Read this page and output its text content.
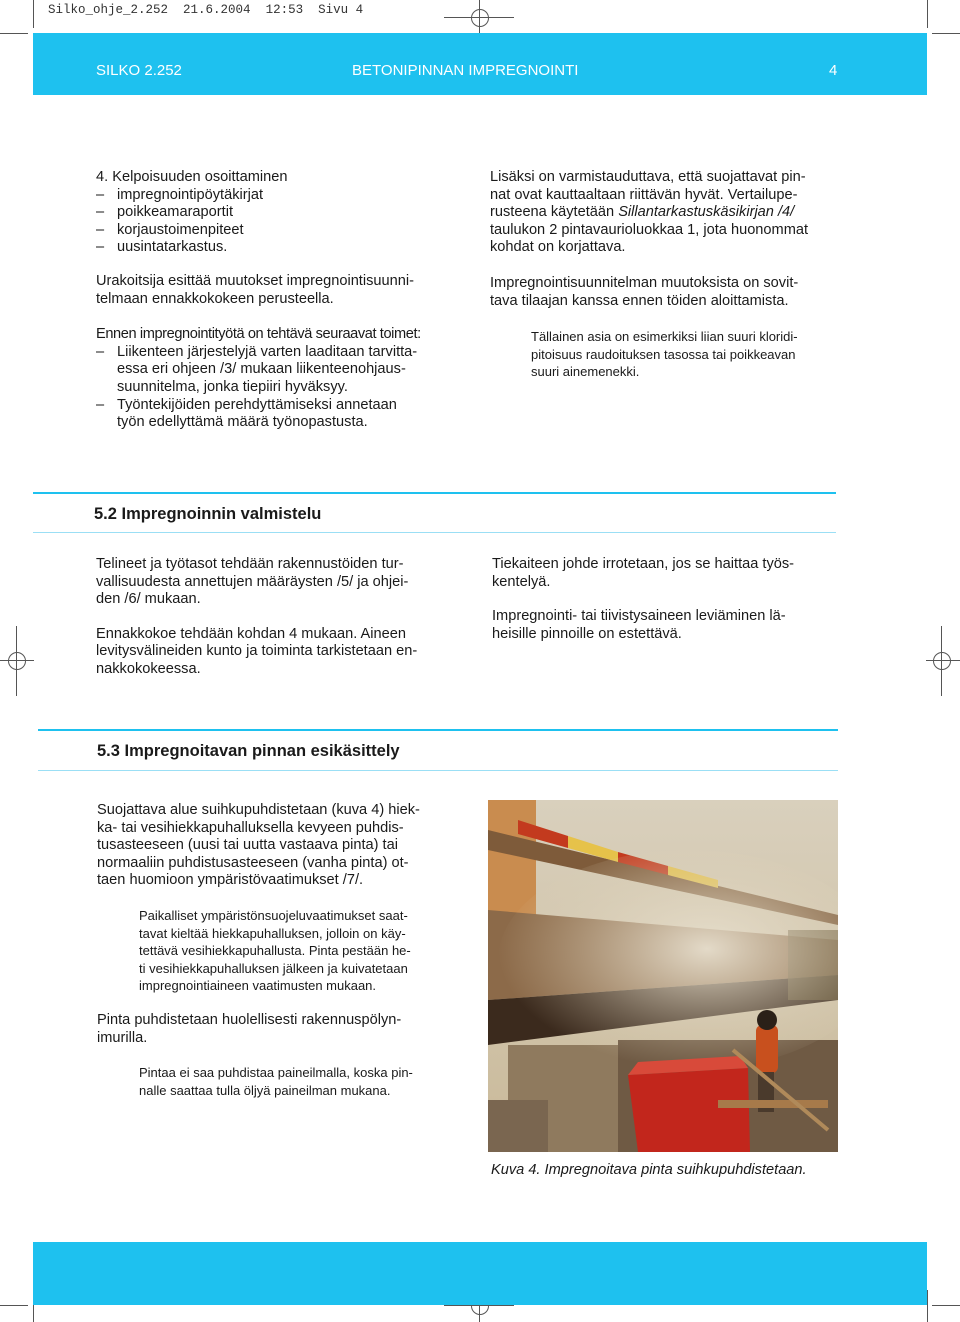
Silko_ohje_2.252 21.6.2004 12:53 Sivu 4
SILKO 2.252	BETONIPINNAN IMPREGNOINTI	4

4. Kelpoisuuden osoittaminen

– impregnointipöytäkirjat

– poikkeamaraportit

– korjaustoimenpiteet

– uusintatarkastus.

Urakoitsija esittää muutokset impregnointisuunni-

telmaan ennakkokokeen perusteella.

Ennen impregnointityötä on tehtävä seuraavat toimet:

– Liikenteen järjestelyjä varten laaditaan tarvitta-

essa eri ohjeen /3/ mukaan liikenteenohjaus-

suunnitelma, jonka tiepiiri hyväksyy.

– Työntekijöiden perehdyttämiseksi annetaan

työn edellyttämä määrä työnopastusta.

Lisäksi on varmistauduttava, että suojattavat pin-

nat ovat kauttaaltaan riittävän hyvät. Vertailupe-

rusteena käytetään Sillantarkastuskäsikirjan /4/

taulukon 2 pintavaurioluokkaa 1, jota huonommat

kohdat on korjattava.

Impregnointisuunnitelman muutoksista on sovit-

tava tilaajan kanssa ennen töiden aloittamista.

Tällainen asia on esimerkiksi liian suuri kloridi-

pitoisuus raudoituksen tasossa tai poikkeavan

suuri ainemenekki.

5.2 Impregnoinnin valmistelu

Telineet ja työtasot tehdään rakennustöiden tur-

vallisuudesta annettujen määräysten /5/ ja ohjei-

den /6/ mukaan.

Ennakkokoe tehdään kohdan 4 mukaan. Aineen

levitysvälineiden kunto ja toiminta tarkistetaan en-

nakkokokeessa.

Tiekaiteen johde irrotetaan, jos se haittaa työs-

kentelyä.

Impregnointi- tai tiivistysaineen leviäminen lä-

heisille pinnoille on estettävä.

5.3 Impregnoitavan pinnan esikäsittely

Suojattava alue suihkupuhdistetaan (kuva 4) hiek-

ka- tai vesihiekkapuhalluksella kevyeen puhdis-

tusasteeseen (uusi tai uutta vastaava pinta) tai

normaaliin puhdistusasteeseen (vanha pinta) ot-

taen huomioon ympäristövaatimukset /7/.

Paikalliset ympäristönsuojeluvaatimukset saat-

tavat kieltää hiekkapuhalluksen, jolloin on käy-

tettävä vesihiekkapuhallusta. Pinta pestään he-

ti vesihiekkapuhalluksen jälkeen ja kuivatetaan

impregnointiaineen vaatimusten mukaan.

Pinta puhdistetaan huolellisesti rakennuspölyn-

imurilla.

Pintaa ei saa puhdistaa paineilmalla, koska pin-

nalle saattaa tulla öljyä paineilman mukana.

Kuva 4. Impregnoitava pinta suihkupuhdistetaan.
